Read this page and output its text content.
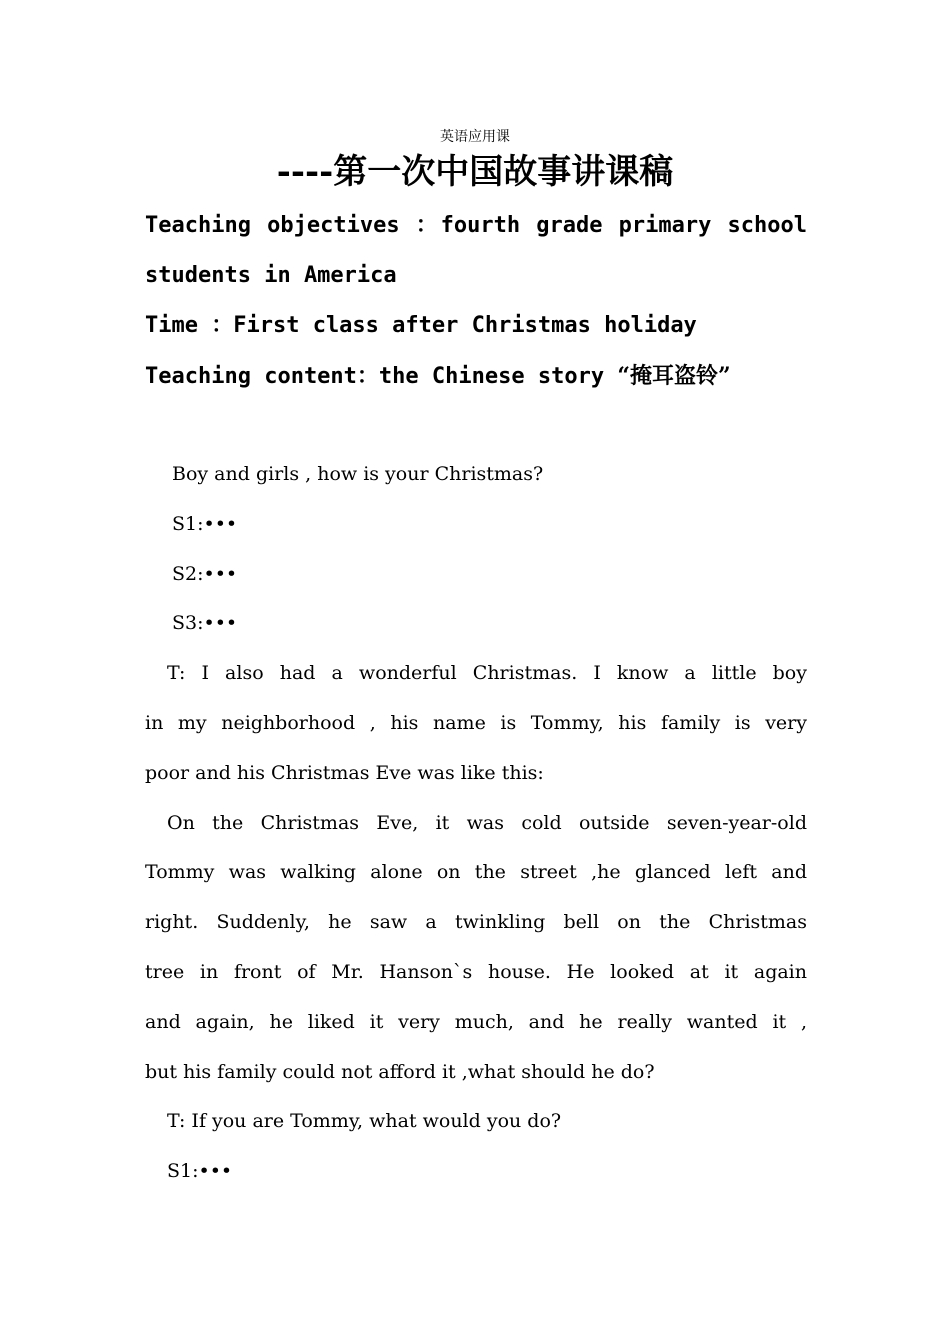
英语应用课
----第一次中国故事讲课稿
Teaching objectives ：fourth grade primary school
students in America
Time ：First class after Christmas holiday
Teaching content：the Chinese story “掩耳盗铃”
Boy and girls , how is your Christmas?
S1:•••
S2:•••
S3:•••
T: I also had a wonderful Christmas. I know a little boy
in my neighborhood , his name is Tommy, his family is very
poor and his Christmas Eve was like this:
On the Christmas Eve, it was cold outside seven-year-old
Tommy was walking alone on the street ,he glanced left and
right. Suddenly, he saw a twinkling bell on the Christmas
tree in front of Mr. Hanson`s house. He looked at it again
and again, he liked it very much, and he really wanted it ,
but his family could not afford it ,what should he do?
T: If you are Tommy, what would you do?
S1:•••
